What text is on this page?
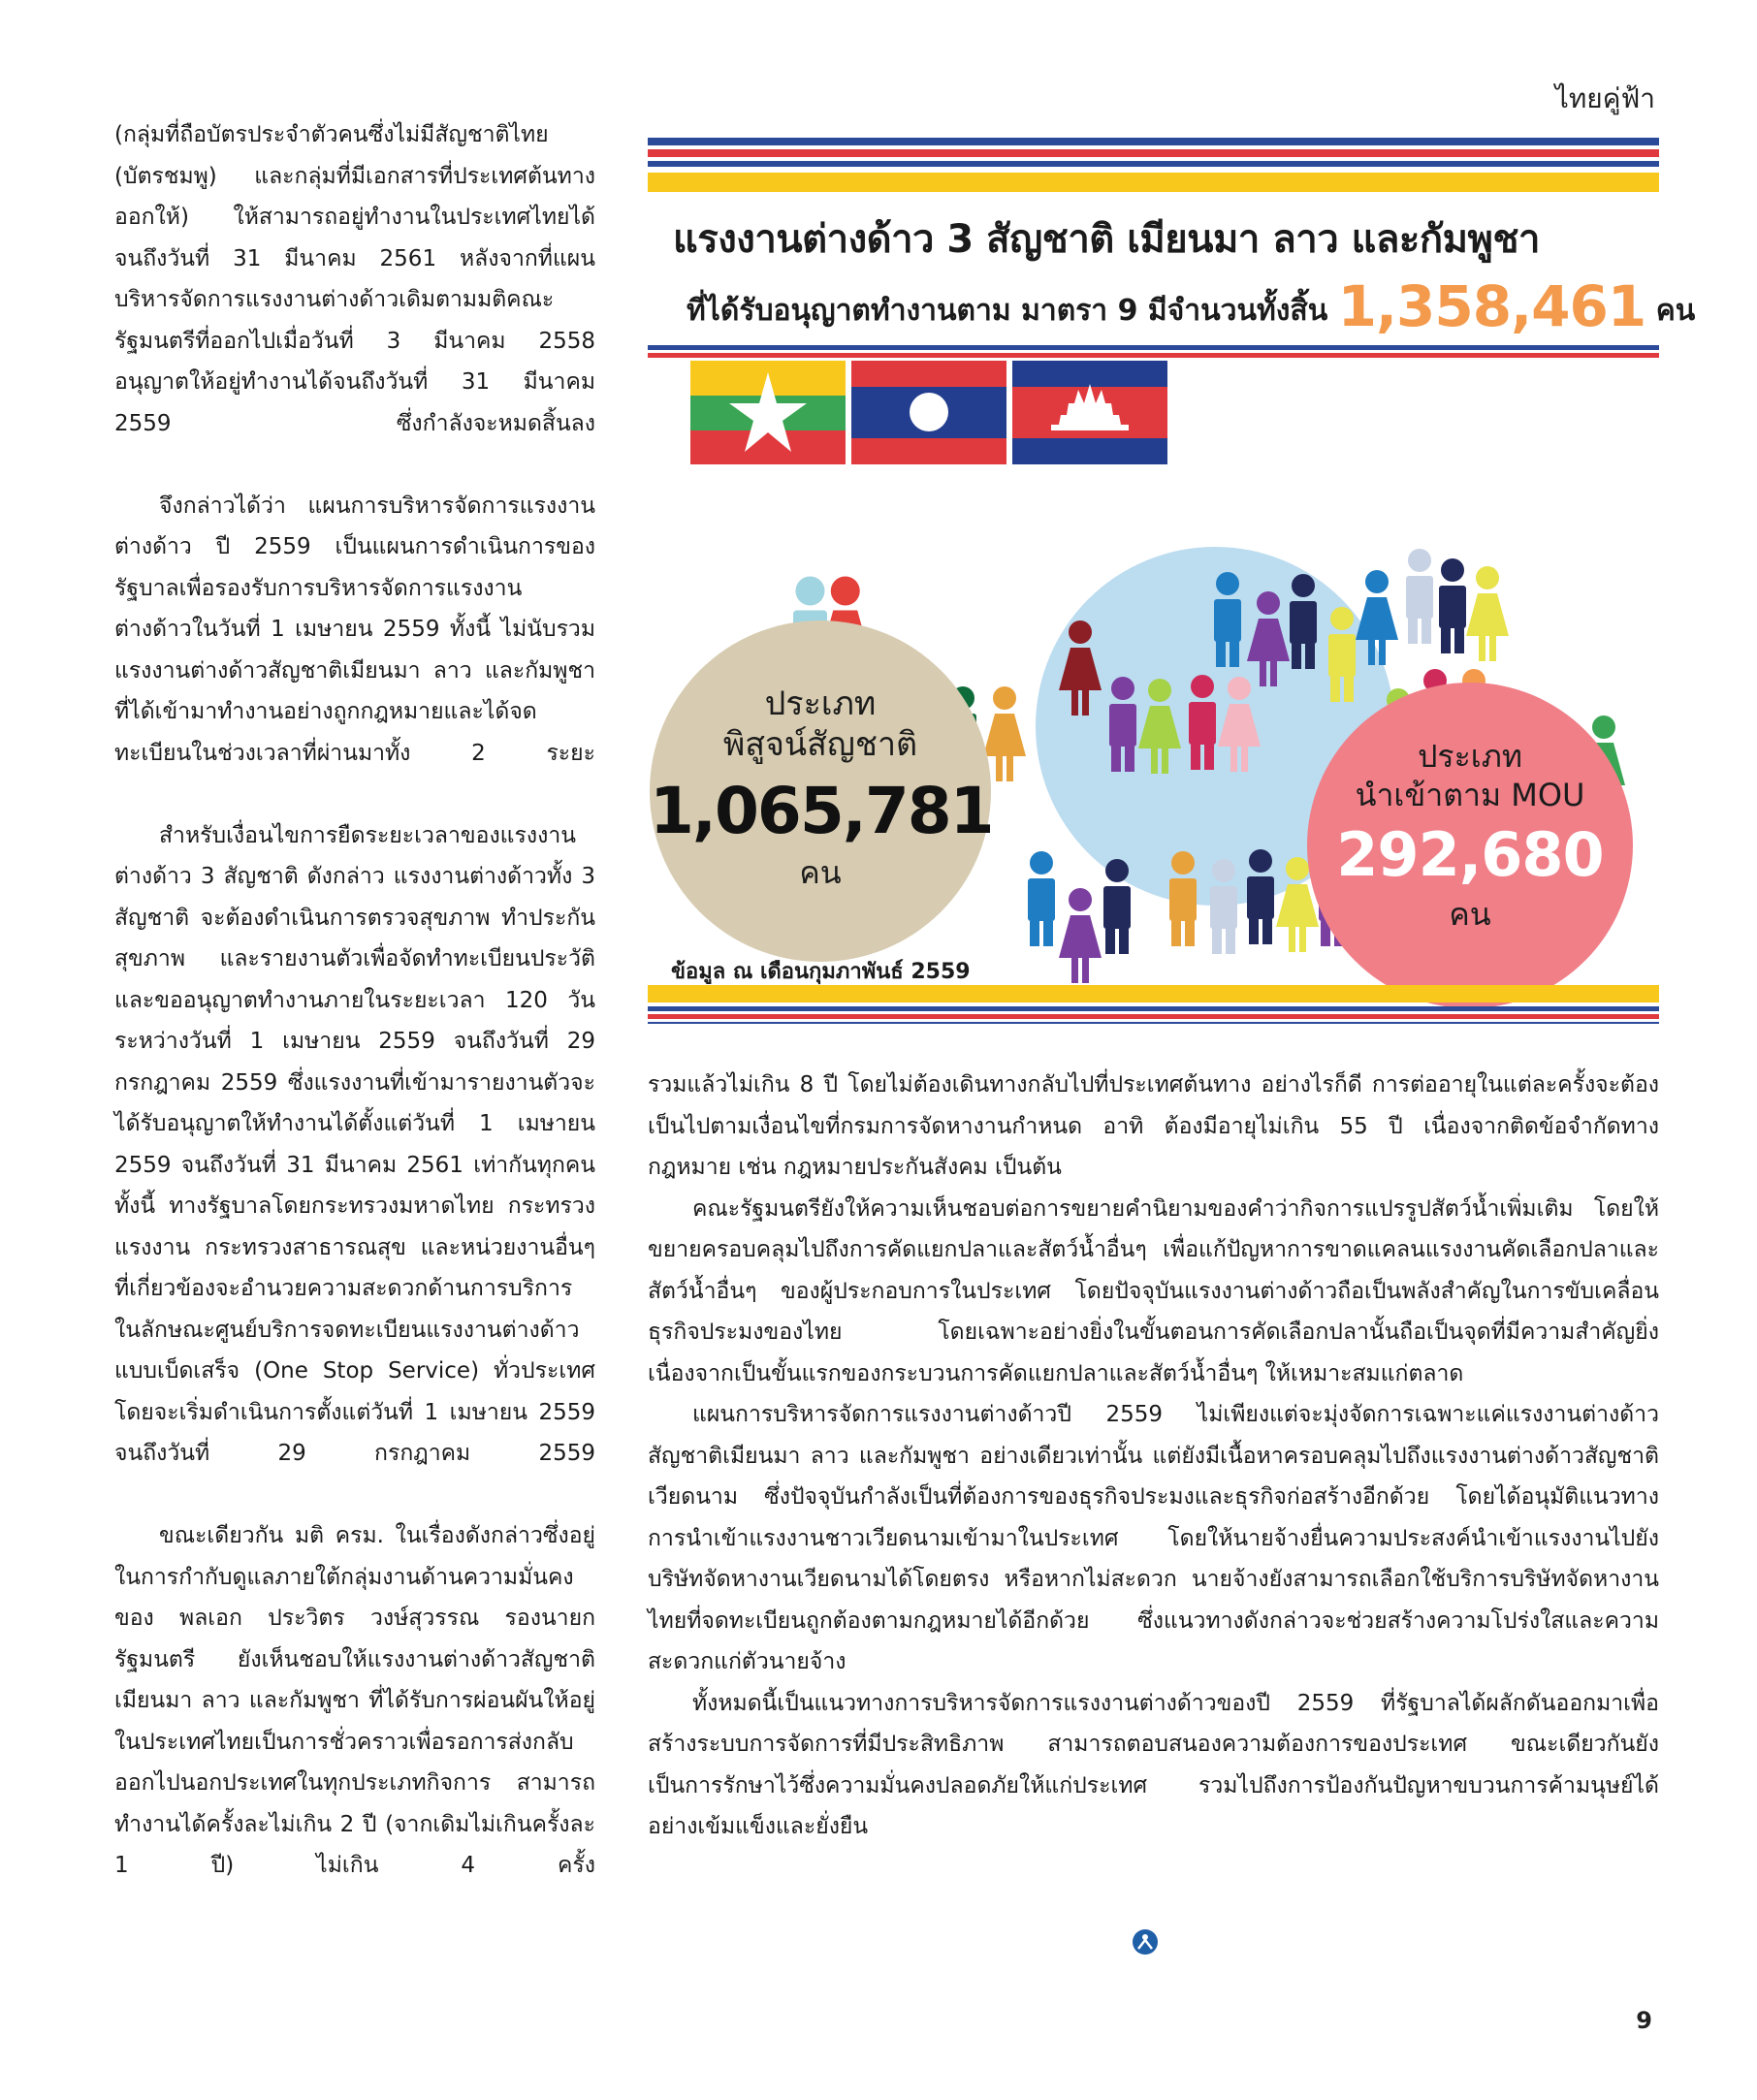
ไทยคู่ฟ้า

(กลุ่มที่ถือบัตรประจำตัวคนซึ่งไม่มีสัญชาติไทย (บัตรชมพู) และกลุ่มที่มีเอกสารที่ประเทศต้นทางออกให้) ให้สามารถอยู่ทำงานในประเทศไทยได้จนถึงวันที่ 31 มีนาคม 2561 หลังจากที่แผนบริหารจัดการแรงงานต่างด้าวเดิมตามมติคณะรัฐมนตรีที่ออกไปเมื่อวันที่ 3 มีนาคม 2558 อนุญาตให้อยู่ทำงานได้จนถึงวันที่ 31 มีนาคม 2559 ซึ่งกำลังจะหมดสิ้นลง

จึงกล่าวได้ว่า แผนการบริหารจัดการแรงงานต่างด้าว ปี 2559 เป็นแผนการดำเนินการของรัฐบาลเพื่อรองรับการบริหารจัดการแรงงานต่างด้าวในวันที่ 1 เมษายน 2559 ทั้งนี้ ไม่นับรวมแรงงานต่างด้าวสัญชาติเมียนมา ลาว และกัมพูชา ที่ได้เข้ามาทำงานอย่างถูกกฎหมายและได้จดทะเบียนในช่วงเวลาที่ผ่านมาทั้ง 2 ระยะ

สำหรับเงื่อนไขการยืดระยะเวลาของแรงงานต่างด้าว 3 สัญชาติ ดังกล่าว แรงงานต่างด้าวทั้ง 3 สัญชาติ จะต้องดำเนินการตรวจสุขภาพ ทำประกันสุขภาพ และรายงานตัวเพื่อจัดทำทะเบียนประวัติและขออนุญาตทำงานภายในระยะเวลา 120 วัน ระหว่างวันที่ 1 เมษายน 2559 จนถึงวันที่ 29 กรกฎาคม 2559 ซึ่งแรงงานที่เข้ามารายงานตัวจะได้รับอนุญาตให้ทำงานได้ตั้งแต่วันที่ 1 เมษายน 2559 จนถึงวันที่ 31 มีนาคม 2561 เท่ากันทุกคน ทั้งนี้ ทางรัฐบาลโดยกระทรวงมหาดไทย กระทรวงแรงงาน กระทรวงสาธารณสุข และหน่วยงานอื่นๆ ที่เกี่ยวข้องจะอำนวยความสะดวกด้านการบริการในลักษณะศูนย์บริการจดทะเบียนแรงงานต่างด้าวแบบเบ็ดเสร็จ (One Stop Service) ทั่วประเทศ โดยจะเริ่มดำเนินการตั้งแต่วันที่ 1 เมษายน 2559 จนถึงวันที่ 29 กรกฎาคม 2559

ขณะเดียวกัน มติ ครม. ในเรื่องดังกล่าวซึ่งอยู่ในการกำกับดูแลภายใต้กลุ่มงานด้านความมั่นคงของ พลเอก ประวิตร วงษ์สุวรรณ รองนายกรัฐมนตรี ยังเห็นชอบให้แรงงานต่างด้าวสัญชาติเมียนมา ลาว และกัมพูชา ที่ได้รับการผ่อนผันให้อยู่ในประเทศไทยเป็นการชั่วคราวเพื่อรอการส่งกลับออกไปนอกประเทศในทุกประเภทกิจการ สามารถทำงานได้ครั้งละไม่เกิน 2 ปี (จากเดิมไม่เกินครั้งละ 1 ปี) ไม่เกิน 4 ครั้ง

แรงงานต่างด้าว 3 สัญชาติ เมียนมา ลาว และกัมพูชา
ที่ได้รับอนุญาตทำงานตาม มาตรา 9 มีจำนวนทั้งสิ้น 1,358,461 คน
ประเภท
พิสูจน์สัญชาติ
1,065,781
คน
ประเภท
นำเข้าตาม MOU
292,680
คน
ข้อมูล ณ เดือนกุมภาพันธ์ 2559

รวมแล้วไม่เกิน 8 ปี โดยไม่ต้องเดินทางกลับไปที่ประเทศต้นทาง อย่างไรก็ดี การต่ออายุในแต่ละครั้งจะต้องเป็นไปตามเงื่อนไขที่กรมการจัดหางานกำหนด อาทิ ต้องมีอายุไม่เกิน 55 ปี เนื่องจากติดข้อจำกัดทางกฎหมาย เช่น กฎหมายประกันสังคม เป็นต้น

คณะรัฐมนตรียังให้ความเห็นชอบต่อการขยายคำนิยามของคำว่ากิจการแปรรูปสัตว์น้ำเพิ่มเติม โดยให้ขยายครอบคลุมไปถึงการคัดแยกปลาและสัตว์น้ำอื่นๆ เพื่อแก้ปัญหาการขาดแคลนแรงงานคัดเลือกปลาและสัตว์น้ำอื่นๆ ของผู้ประกอบการในประเทศ โดยปัจจุบันแรงงานต่างด้าวถือเป็นพลังสำคัญในการขับเคลื่อนธุรกิจประมงของไทย โดยเฉพาะอย่างยิ่งในขั้นตอนการคัดเลือกปลานั้นถือเป็นจุดที่มีความสำคัญยิ่ง เนื่องจากเป็นขั้นแรกของกระบวนการคัดแยกปลาและสัตว์น้ำอื่นๆ ให้เหมาะสมแก่ตลาด

แผนการบริหารจัดการแรงงานต่างด้าวปี 2559 ไม่เพียงแต่จะมุ่งจัดการเฉพาะแค่แรงงานต่างด้าวสัญชาติเมียนมา ลาว และกัมพูชา อย่างเดียวเท่านั้น แต่ยังมีเนื้อหาครอบคลุมไปถึงแรงงานต่างด้าวสัญชาติเวียดนาม ซึ่งปัจจุบันกำลังเป็นที่ต้องการของธุรกิจประมงและธุรกิจก่อสร้างอีกด้วย โดยได้อนุมัติแนวทางการนำเข้าแรงงานชาวเวียดนามเข้ามาในประเทศ โดยให้นายจ้างยื่นความประสงค์นำเข้าแรงงานไปยังบริษัทจัดหางานเวียดนามได้โดยตรง หรือหากไม่สะดวก นายจ้างยังสามารถเลือกใช้บริการบริษัทจัดหางานไทยที่จดทะเบียนถูกต้องตามกฎหมายได้อีกด้วย ซึ่งแนวทางดังกล่าวจะช่วยสร้างความโปร่งใสและความสะดวกแก่ตัวนายจ้าง

ทั้งหมดนี้เป็นแนวทางการบริหารจัดการแรงงานต่างด้าวของปี 2559 ที่รัฐบาลได้ผลักดันออกมาเพื่อสร้างระบบการจัดการที่มีประสิทธิภาพ สามารถตอบสนองความต้องการของประเทศ ขณะเดียวกันยังเป็นการรักษาไว้ซึ่งความมั่นคงปลอดภัยให้แก่ประเทศ รวมไปถึงการป้องกันปัญหาขบวนการค้ามนุษย์ได้อย่างเข้มแข็งและยั่งยืน

9
